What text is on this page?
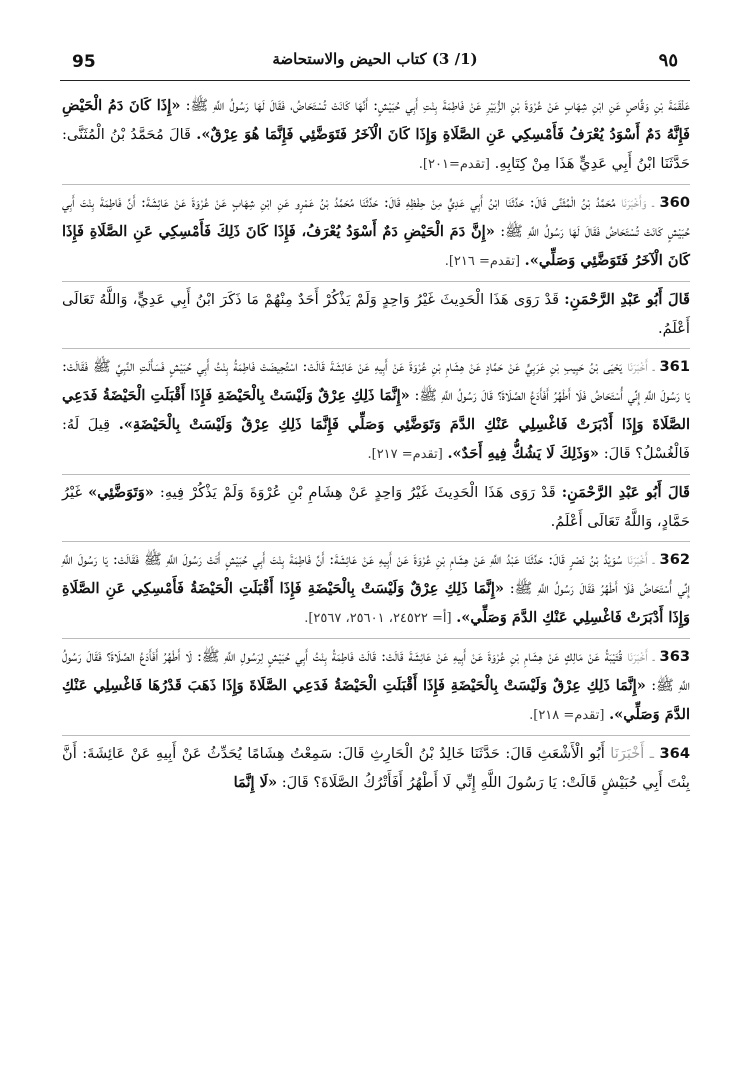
95	(1/ 3) كتاب الحيض والاستحاضة	٩٥
عَلْقَمَةَ بْنِ وَقَّاصٍ عَنِ ابْنِ شِهَابٍ عَنْ عُرْوَةَ بْنِ الزُّبَيْرِ عَنْ فَاطِمَةَ بِنْتِ أَبِي حُبَيْشٍ: أَنَّهَا كَانَتْ تُسْتَحَاضُ، فَقَالَ لَهَا رَسُولُ اللَّهِ ﷺ: «إِذَا كَانَ دَمُ الْحَيْضِ فَإِنَّهُ دَمٌ أَسْوَدُ يُعْرَفُ فَأَمْسِكِي عَنِ الصَّلَاةِ وَإِذَا كَانَ الْآخَرُ فَتَوَضَّئِي فَإِنَّمَا هُوَ عِرْقٌ». قَالَ مُحَمَّدُ بْنُ الْمُثَنَّى: حَدَّثَنَا ابْنُ أَبِي عَدِيٍّ هَذَا مِنْ كِتَابِهِ. [تقدم=٢٠١].
360 ـ وَأَخْبَرَنَا مُحَمَّدُ بْنُ الْمُثَنَّى قَالَ: حَدَّثَنَا ابْنُ أَبِي عَدِيٍّ مِنْ حِفْظِهِ قَالَ: حَدَّثَنَا مُحَمَّدُ بْنُ عَمْرٍو عَنِ ابْنِ شِهَابٍ عَنْ عُرْوَةَ عَنْ عَائِشَةَ: أَنَّ فَاطِمَةَ بِنْتَ أَبِي حُبَيْشٍ كَانَتْ تُسْتَحَاضُ فَقَالَ لَهَا رَسُولُ اللَّهِ ﷺ: «إِنَّ دَمَ الْحَيْضِ دَمٌ أَسْوَدُ يُعْرَفُ، فَإِذَا كَانَ ذَلِكَ فَأَمْسِكِي عَنِ الصَّلَاةِ فَإِذَا كَانَ الْآخَرُ فَتَوَضَّئِي وَصَلِّي». [تقدم= ٢١٦].
قَالَ أَبُو عَبْدِ الرَّحْمَنِ: قَدْ رَوَى هَذَا الْحَدِيثَ غَيْرُ وَاحِدٍ وَلَمْ يَذْكُرْ أَحَدٌ مِنْهُمْ مَا ذَكَرَ ابْنُ أَبِي عَدِيٍّ، وَاللَّهُ تَعَالَى أَعْلَمُ.
361 ـ أَخْبَرَنَا يَحْيَى بْنُ حَبِيبِ بْنِ عَرَبِيٍّ عَنْ حَمَّادٍ عَنْ هِشَامِ بْنِ عُرْوَةَ عَنْ أَبِيهِ عَنْ عَائِشَةَ قَالَتْ: اسْتُحِيضَتْ فَاطِمَةُ بِنْتُ أَبِي حُبَيْشٍ فَسَأَلَتِ النَّبِيَّ ﷺ فَقَالَتْ: يَا رَسُولَ اللَّهِ إِنِّي أُسْتَحَاضُ فَلَا أَطْهُرُ أَفَأَدَعُ الصَّلَاةَ؟ قَالَ رَسُولُ اللَّهِ ﷺ: «إِنَّمَا ذَلِكِ عِرْقٌ وَلَيْسَتْ بِالْحَيْضَةِ فَإِذَا أَقْبَلَتِ الْحَيْضَةُ فَدَعِي الصَّلَاةَ وَإِذَا أَدْبَرَتْ فَاغْسِلِي عَنْكِ الدَّمَ وَتَوَضَّئِي وَصَلِّي فَإِنَّمَا ذَلِكِ عِرْقٌ وَلَيْسَتْ بِالْحَيْضَةِ». قِيلَ لَهُ: فَالْغُسْلُ؟ قَالَ: «وَذَلِكَ لَا يَشُكُّ فِيهِ أَحَدٌ». [تقدم= ٢١٧].
قَالَ أَبُو عَبْدِ الرَّحْمَنِ: قَدْ رَوَى هَذَا الْحَدِيثَ غَيْرُ وَاحِدٍ عَنْ هِشَامِ بْنِ عُرْوَةَ وَلَمْ يَذْكُرْ فِيهِ: «وَتَوَضَّئِي» غَيْرُ حَمَّادٍ، وَاللَّهُ تَعَالَى أَعْلَمُ.
362 ـ أَخْبَرَنَا سُوَيْدُ بْنُ نَصْرٍ قَالَ: حَدَّثَنَا عَبْدُ اللَّهِ عَنْ هِشَامِ بْنِ عُرْوَةَ عَنْ أَبِيهِ عَنْ عَائِشَةَ: أَنَّ فَاطِمَةَ بِنْتَ أَبِي حُبَيْشٍ أَتَتْ رَسُولَ اللَّهِ ﷺ فَقَالَتْ: يَا رَسُولَ اللَّهِ إِنِّي أُسْتَحَاضُ فَلَا أَطْهُرُ فَقَالَ رَسُولُ اللَّهِ ﷺ: «إِنَّمَا ذَلِكِ عِرْقٌ وَلَيْسَتْ بِالْحَيْضَةِ فَإِذَا أَقْبَلَتِ الْحَيْضَةُ فَأَمْسِكِي عَنِ الصَّلَاةِ وَإِذَا أَدْبَرَتْ فَاغْسِلِي عَنْكِ الدَّمَ وَصَلِّي». [أ= ٢٤٥٢٢، ٢٥٦٠١، ٢٥٦٧].
363 ـ أَخْبَرَنَا قُتَيْبَةُ عَنْ مَالِكٍ عَنْ هِشَامِ بْنِ عُرْوَةَ عَنْ أَبِيهِ عَنْ عَائِشَةَ قَالَتْ: قَالَتْ فَاطِمَةُ بِنْتُ أَبِي حُبَيْشٍ لِرَسُولِ اللَّهِ ﷺ: لَا أَطْهُرُ أَفَأَدَعُ الصَّلَاةَ؟ فَقَالَ رَسُولُ اللَّهِ ﷺ: «إِنَّمَا ذَلِكِ عِرْقٌ وَلَيْسَتْ بِالْحَيْضَةِ فَإِذَا أَقْبَلَتِ الْحَيْضَةُ فَدَعِي الصَّلَاةَ وَإِذَا ذَهَبَ قَدْرُهَا فَاغْسِلِي عَنْكِ الدَّمَ وَصَلِّي». [تقدم= ٢١٨].
364 ـ أَخْبَرَنَا أَبُو الْأَشْعَثِ قَالَ: حَدَّثَنَا خَالِدُ بْنُ الْحَارِثِ قَالَ: سَمِعْتُ هِشَامًا يُحَدِّثُ عَنْ أَبِيهِ عَنْ عَائِشَةَ: أَنَّ بِنْتَ أَبِي حُبَيْشٍ قَالَتْ: يَا رَسُولَ اللَّهِ إِنِّي لَا أَطْهُرُ أَفَأَتْرُكُ الصَّلَاةَ؟ قَالَ: «لَا إِنَّمَا
